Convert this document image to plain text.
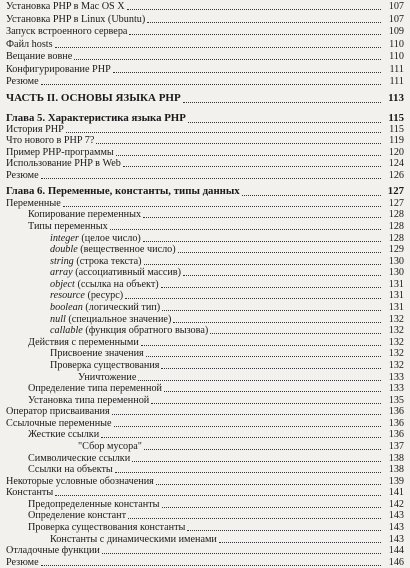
Установка PHP в Mac OS X	107
Установка PHP в Linux (Ubuntu)	107
Запуск встроенного сервера	109
Файл hosts	110
Вещание вовне	110
Конфигурирование PHP	111
Резюме	111
ЧАСТЬ II. ОСНОВЫ ЯЗЫКА PHP	113
Глава 5. Характеристика языка PHP	115
История PHP	115
Что нового в PHP 7?	119
Пример PHP-программы	120
Использование PHP в Web	124
Резюме	126
Глава 6. Переменные, константы, типы данных	127
Переменные	127
Копирование переменных	128
Типы переменных	128
integer (целое число)	128
double (вещественное число)	129
string (строка текста)	130
array (ассоциативный массив)	130
object (ссылка на объект)	131
resource (ресурс)	131
boolean (логический тип)	131
null (специальное значение)	132
callable (функция обратного вызова)	132
Действия с переменными	132
Присвоение значения	132
Проверка существования	132
Уничтожение	133
Определение типа переменной	133
Установка типа переменной	135
Оператор присваивания	136
Ссылочные переменные	136
Жесткие ссылки	136
"Сбор мусора"	137
Символические ссылки	138
Ссылки на объекты	138
Некоторые условные обозначения	139
Константы	141
Предопределенные константы	142
Определение констант	143
Проверка существования константы	143
Константы с динамическими именами	143
Отладочные функции	144
Резюме	146
